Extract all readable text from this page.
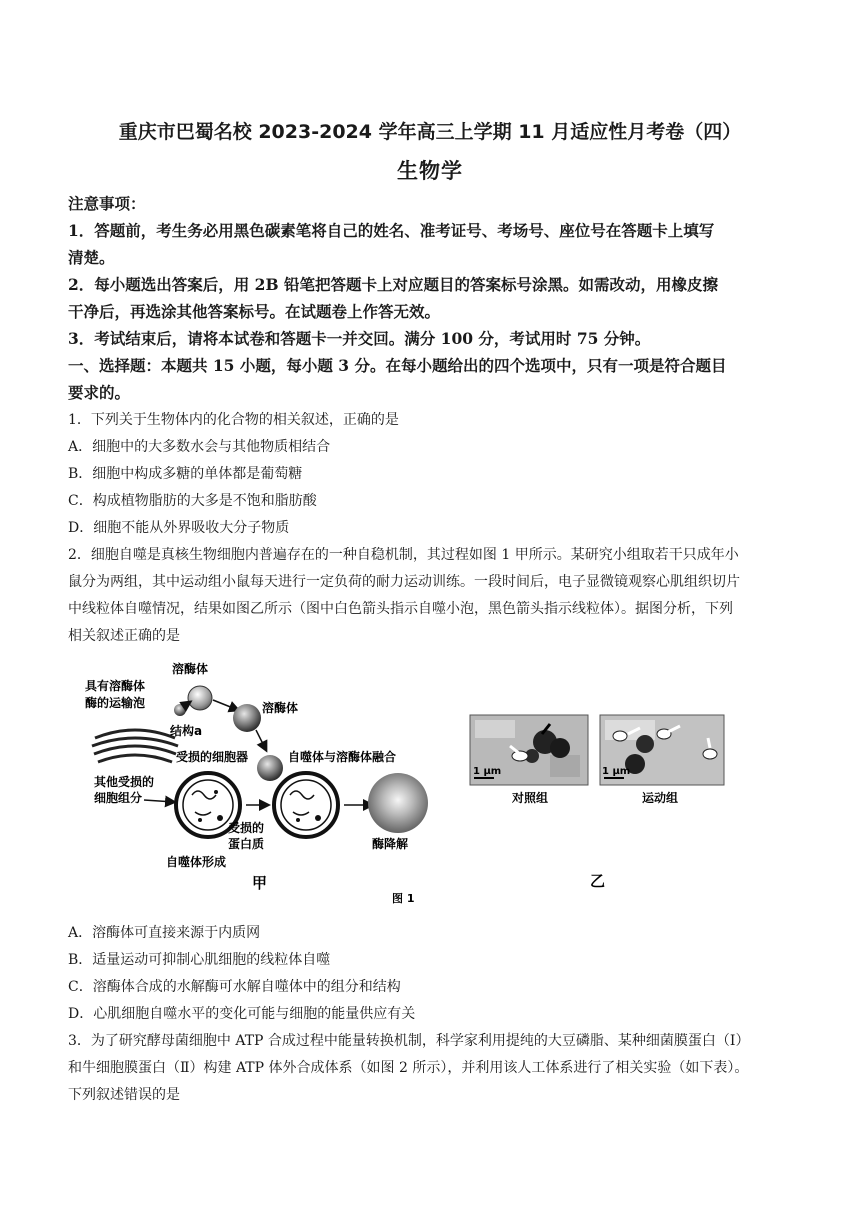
重庆市巴蜀名校 2023-2024 学年高三上学期 11 月适应性月考卷（四）
生物学
注意事项：
1．答题前，考生务必用黑色碳素笔将自己的姓名、准考证号、考场号、座位号在答题卡上填写
清楚。
2．每小题选出答案后，用 2B 铅笔把答题卡上对应题目的答案标号涂黑。如需改动，用橡皮擦
干净后，再选涂其他答案标号。在试题卷上作答无效。
3．考试结束后，请将本试卷和答题卡一并交回。满分 100 分，考试用时 75 分钟。
一、选择题：本题共 15 小题，每小题 3 分。在每小题给出的四个选项中，只有一项是符合题目
要求的。
1．下列关于生物体内的化合物的相关叙述，正确的是
A．细胞中的大多数水会与其他物质相结合
B．细胞中构成多糖的单体都是葡萄糖
C．构成植物脂肪的大多是不饱和脂肪酸
D．细胞不能从外界吸收大分子物质
2．细胞自噬是真核生物细胞内普遍存在的一种自稳机制，其过程如图 1 甲所示。某研究小组取若干只成年小
鼠分为两组，其中运动组小鼠每天进行一定负荷的耐力运动训练。一段时间后，电子显微镜观察心肌组织切片
中线粒体自噬情况，结果如图乙所示（图中白色箭头指示自噬小泡，黑色箭头指示线粒体）。据图分析，下列
相关叙述正确的是
溶酶体
具有溶酶体
酶的运输泡
结构a
溶酶体
受损的细胞器	自噬体与溶酶体融合
其他受损的
细胞组分
受损的
蛋白质
自噬体形成
酶降解
甲
1 μm	1 μm
对照组	运动组
乙
图 1
A．溶酶体可直接来源于内质网
B．适量运动可抑制心肌细胞的线粒体自噬
C．溶酶体合成的水解酶可水解自噬体中的组分和结构
D．心肌细胞自噬水平的变化可能与细胞的能量供应有关
3．为了研究酵母菌细胞中 ATP 合成过程中能量转换机制，科学家利用提纯的大豆磷脂、某种细菌膜蛋白（I）
和牛细胞膜蛋白（Ⅱ）构建 ATP 体外合成体系（如图 2 所示），并利用该人工体系进行了相关实验（如下表）。
下列叙述错误的是
